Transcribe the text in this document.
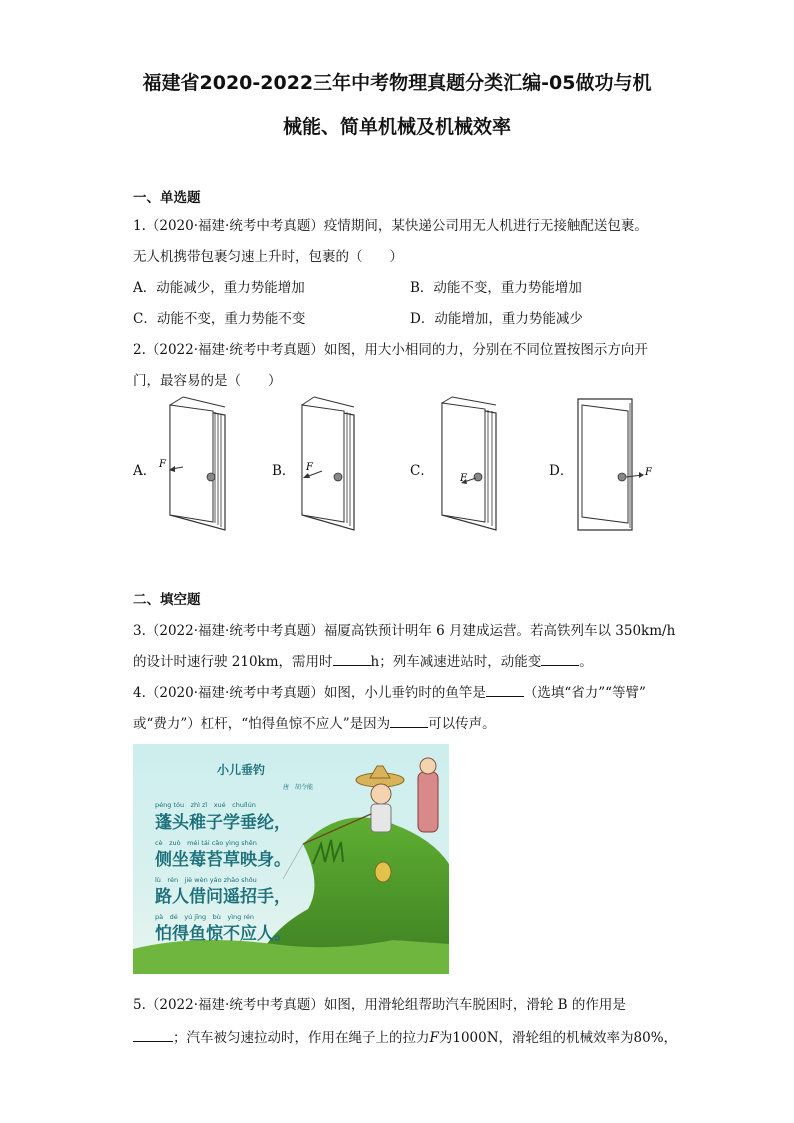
福建省2020-2022三年中考物理真题分类汇编-05做功与机
械能、简单机械及机械效率
一、单选题
1.（2020·福建·统考中考真题）疫情期间，某快递公司用无人机进行无接触配送包裹。
无人机携带包裹匀速上升时，包裹的（　　）
A．动能减少，重力势能增加	B．动能不变，重力势能增加
C．动能不变，重力势能不变	D．动能增加，重力势能减少
2.（2022·福建·统考中考真题）如图，用大小相同的力，分别在不同位置按图示方向开
门，最容易的是（　　）
A． F	B． F	C．	F	D．	F
二、填空题
3.（2022·福建·统考中考真题）福厦高铁预计明年 6 月建成运营。若高铁列车以 350km/h
的设计时速行驶 210km，需用时	h；列车减速进站时，动能变	。
4.（2020·福建·统考中考真题）如图，小儿垂钓时的鱼竿是	（选填“省力”“等臂”
或“费力”）杠杆，“怕得鱼惊不应人”是因为	可以传声。
小儿垂钓
唐　胡令能
péng tóu　zhì zǐ　xué　chuílún
蓬头稚子学垂纶，
cè　zuò　méi tái cǎo yìng shēn
侧坐莓苔草映身。
lù　rén　jiè wèn yáo zhāo shǒu
路人借问遥招手，
pà　dé　yú jīng　bù　yìng rén
怕得鱼惊不应人。
5.（2022·福建·统考中考真题）如图，用滑轮组帮助汽车脱困时，滑轮 B 的作用是
；汽车被匀速拉动时，作用在绳子上的拉力F为1000N，滑轮组的机械效率为80%，
